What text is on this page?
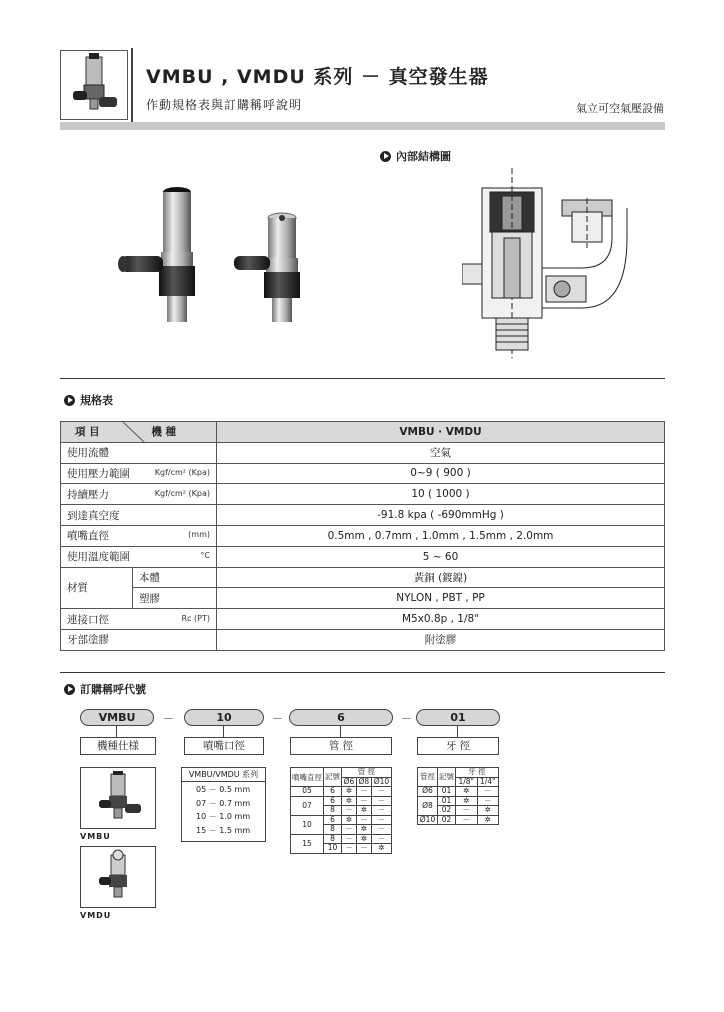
VMBU , VMDU 系列 － 真空發生器
作動規格表與訂購稱呼說明	氣立可空氣壓設備
內部結構圖
規格表
項 目 機 種		VMBU · VMDU
使用流體		空氣
使用壓力範圍 Kgf/cm² (Kpa)		0~9 ( 900 )
持續壓力 Kgf/cm² (Kpa)		10 ( 1000 )
到達真空度		-91.8 kpa ( -690mmHg )
噴嘴直徑 (mm)		0.5mm , 0.7mm , 1.0mm , 1.5mm , 2.0mm
使用溫度範圍 °C		5 ~ 60
材質	本體	黃銅 (鍍鎳)
	塑膠	NYLON , PBT , PP
連接口徑 Rc (PT)		M5x0.8p , 1/8"
牙部塗膠		附塗膠
訂購稱呼代號
VMBU	－	10	－	6	－	01
機種仕様	噴嘴口徑	管 徑	牙 徑
VMBU
VMDU
VMBU/VMDU 系列
05 － 0.5 mm
07 － 0.7 mm
10 － 1.0 mm
15 － 1.5 mm
噴嘴直徑	記號	管 徑		
		Ø6	Ø8	Ø10
05	6	✲	－	－
07	6	✲	－	－
	8	－	✲	－
10	6	✲	－	－
	8	－	✲	－
15	8	－	✲	－
	10	－	－	✲
管徑	記號	牙 徑	
		1/8"	1/4"
Ø6	01	✲	－
Ø8	01	✲	－
	02	－	✲
Ø10	02	－	✲
